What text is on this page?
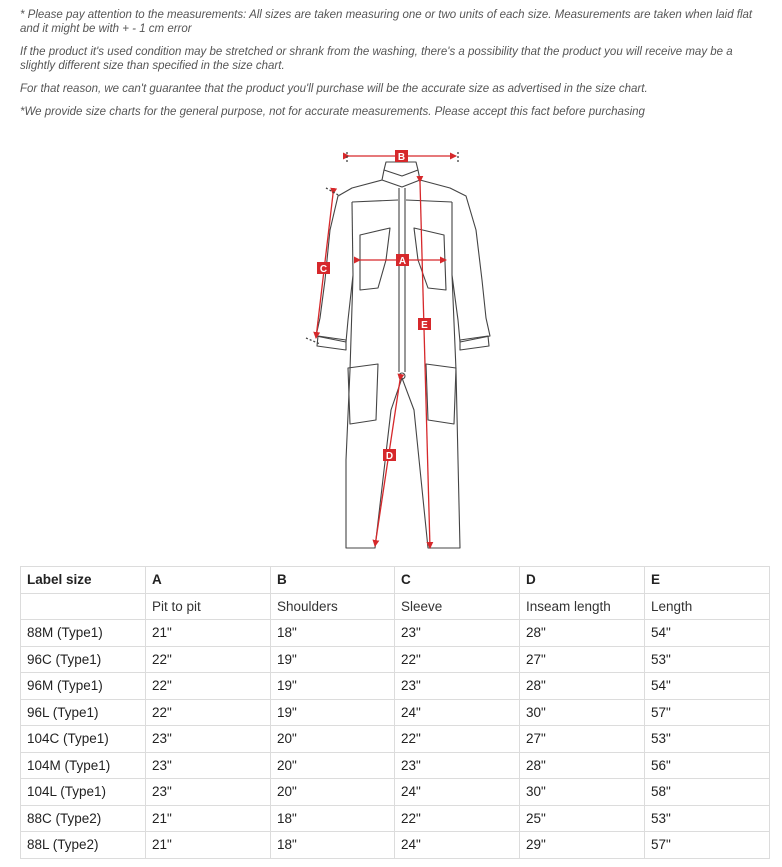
* Please pay attention to the measurements: All sizes are taken measuring one or two units of each size. Measurements are taken when laid flat and it might be with + - 1 cm error

If the product it's used condition may be stretched or shrank from the washing, there's a possibility that the product you will receive may be a slightly different size than specified in the size chart.

For that reason, we can't guarantee that the product you'll purchase will be the accurate size as advertised in the size chart.

*We provide size charts for the general purpose, not for accurate measurements. Please accept this fact before purchasing

B
A
C
E
D
Label size	A	B	C	D	E
	Pit to pit	Shoulders	Sleeve	Inseam length	Length
88M (Type1)	21"	18"	23"	28"	54"
96C (Type1)	22"	19"	22"	27"	53"
96M (Type1)	22"	19"	23"	28"	54"
96L (Type1)	22"	19"	24"	30"	57"
104C (Type1)	23"	20"	22"	27"	53"
104M (Type1)	23"	20"	23"	28"	56"
104L (Type1)	23"	20"	24"	30"	58"
88C (Type2)	21"	18"	22"	25"	53"
88L (Type2)	21"	18"	24"	29"	57"
